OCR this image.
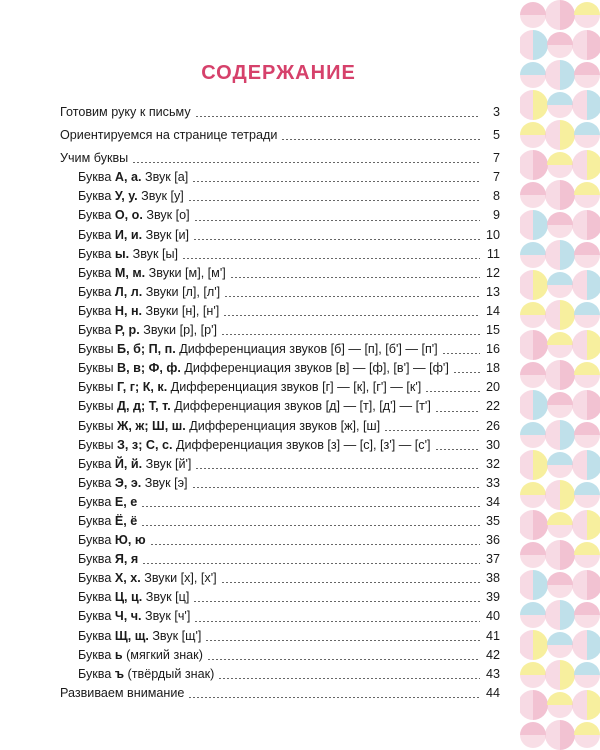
СОДЕРЖАНИЕ
Готовим руку к письму	3
Ориентируемся на странице тетради	5
Учим буквы	7
Буква А, а. Звук [а]	7
Буква У, у. Звук [у]	8
Буква О, о. Звук [о]	9
Буква И, и. Звук [и]	10
Буква ы. Звук [ы]	11
Буква М, м. Звуки [м], [м']	12
Буква Л, л. Звуки [л], [л']	13
Буква Н, н. Звуки [н], [н']	14
Буква Р, р. Звуки [р], [р']	15
Буквы Б, б; П, п. Дифференциация звуков [б] — [п], [б'] — [п']	16
Буквы В, в; Ф, ф. Дифференциация звуков [в] — [ф], [в'] — [ф']	18
Буквы Г, г; К, к. Дифференциация звуков [г] — [к], [г'] — [к']	20
Буквы Д, д; Т, т. Дифференциация звуков [д] — [т], [д'] — [т']	22
Буквы Ж, ж; Ш, ш. Дифференциация звуков [ж], [ш]	26
Буквы З, з; С, с. Дифференциация звуков [з] — [с], [з'] — [с']	30
Буква Й, й. Звук [й']	32
Буква Э, э. Звук [э]	33
Буква Е, е	34
Буква Ё, ё	35
Буква Ю, ю	36
Буква Я, я	37
Буква Х, х. Звуки [х], [х']	38
Буква Ц, ц. Звук [ц]	39
Буква Ч, ч. Звук [ч']	40
Буква Щ, щ. Звук [щ']	41
Буква ь (мягкий знак)	42
Буква ъ (твёрдый знак)	43
Развиваем внимание	44
